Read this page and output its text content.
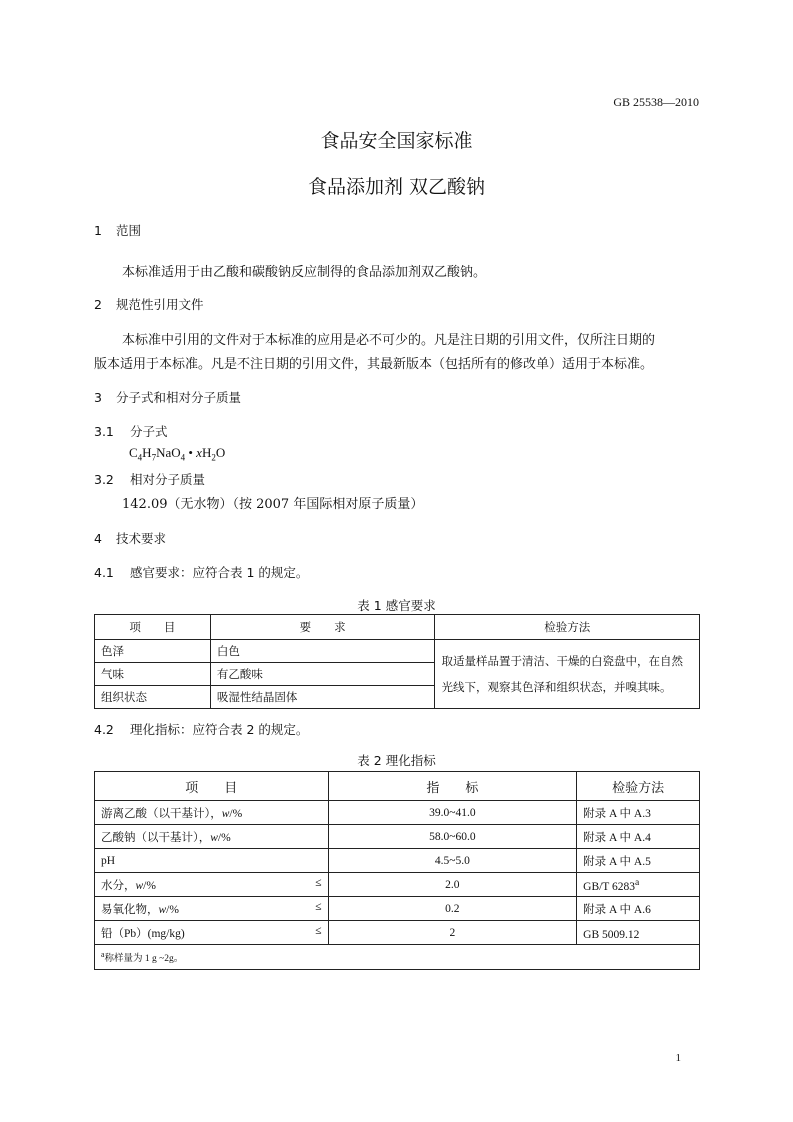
GB 25538—2010
食品安全国家标准
食品添加剂 双乙酸钠
1 范围
本标准适用于由乙酸和碳酸钠反应制得的食品添加剂双乙酸钠。
2 规范性引用文件
本标准中引用的文件对于本标准的应用是必不可少的。凡是注日期的引用文件，仅所注日期的
版本适用于本标准。凡是不注日期的引用文件，其最新版本（包括所有的修改单）适用于本标准。
3 分子式和相对分子质量
3.1 分子式
$C_4H_7NaO_4$ • $xH_2O$
3.2 相对分子质量
142.09（无水物）（按 2007 年国际相对原子质量）
4 技术要求
4.1 感官要求：应符合表 1 的规定。
表 1 感官要求
项　　目	要　　求	检验方法
色泽	白色	取适量样品置于清洁、干燥的白瓷盘中，在自然
光线下，观察其色泽和组织状态，并嗅其味。

气味	有乙酸味	
组织状态	吸湿性结晶固体	
4.2 理化指标：应符合表 2 的规定。
表 2 理化指标
项　　目	指　　标	检验方法
游离乙酸（以干基计），w/%	39.0~41.0	附录 A 中 A.3
乙酸钠（以干基计），w/%	58.0~60.0	附录 A 中 A.4
pH	4.5~5.0	附录 A 中 A.5
水分，w/% ≤	2.0	GB/T 6283$^a$
易氧化物，w/% ≤	0.2	附录 A 中 A.6
铅（Pb）(mg/kg) ≤	2	GB 5009.12
$^a$称样量为 1 g ~2g。		
1
